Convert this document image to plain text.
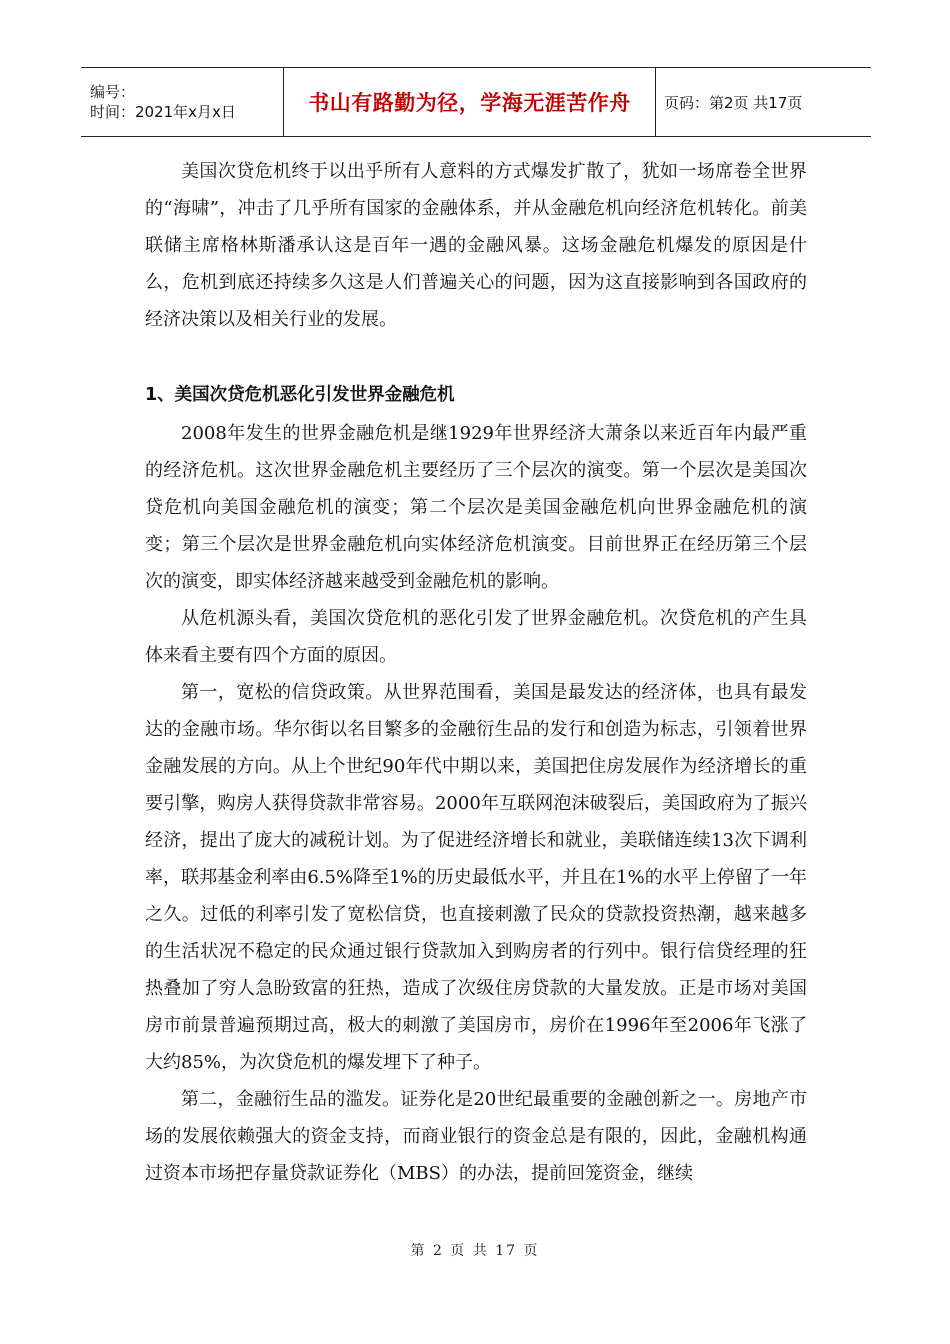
编号：
时间：2021年x月x日	书山有路勤为径，学海无涯苦作舟	页码：第2页 共17页

美国次贷危机终于以出乎所有人意料的方式爆发扩散了，犹如一场席卷全世界的“海啸”，冲击了几乎所有国家的金融体系，并从金融危机向经济危机转化。前美联储主席格林斯潘承认这是百年一遇的金融风暴。这场金融危机爆发的原因是什么，危机到底还持续多久这是人们普遍关心的问题，因为这直接影响到各国政府的经济决策以及相关行业的发展。

1、美国次贷危机恶化引发世界金融危机

2008年发生的世界金融危机是继1929年世界经济大萧条以来近百年内最严重的经济危机。这次世界金融危机主要经历了三个层次的演变。第一个层次是美国次贷危机向美国金融危机的演变；第二个层次是美国金融危机向世界金融危机的演变；第三个层次是世界金融危机向实体经济危机演变。目前世界正在经历第三个层次的演变，即实体经济越来越受到金融危机的影响。

从危机源头看，美国次贷危机的恶化引发了世界金融危机。次贷危机的产生具体来看主要有四个方面的原因。

第一，宽松的信贷政策。从世界范围看，美国是最发达的经济体，也具有最发达的金融市场。华尔街以名目繁多的金融衍生品的发行和创造为标志，引领着世界金融发展的方向。从上个世纪90年代中期以来，美国把住房发展作为经济增长的重要引擎，购房人获得贷款非常容易。2000年互联网泡沫破裂后，美国政府为了振兴经济，提出了庞大的减税计划。为了促进经济增长和就业，美联储连续13次下调利率，联邦基金利率由6.5%降至1%的历史最低水平，并且在1%的水平上停留了一年之久。过低的利率引发了宽松信贷，也直接刺激了民众的贷款投资热潮，越来越多的生活状况不稳定的民众通过银行贷款加入到购房者的行列中。银行信贷经理的狂热叠加了穷人急盼致富的狂热，造成了次级住房贷款的大量发放。正是市场对美国房市前景普遍预期过高，极大的刺激了美国房市，房价在1996年至2006年飞涨了大约85%，为次贷危机的爆发埋下了种子。

第二，金融衍生品的滥发。证券化是20世纪最重要的金融创新之一。房地产市场的发展依赖强大的资金支持，而商业银行的资金总是有限的，因此，金融机构通过资本市场把存量贷款证券化（MBS）的办法，提前回笼资金，继续

第 2 页 共 17 页
